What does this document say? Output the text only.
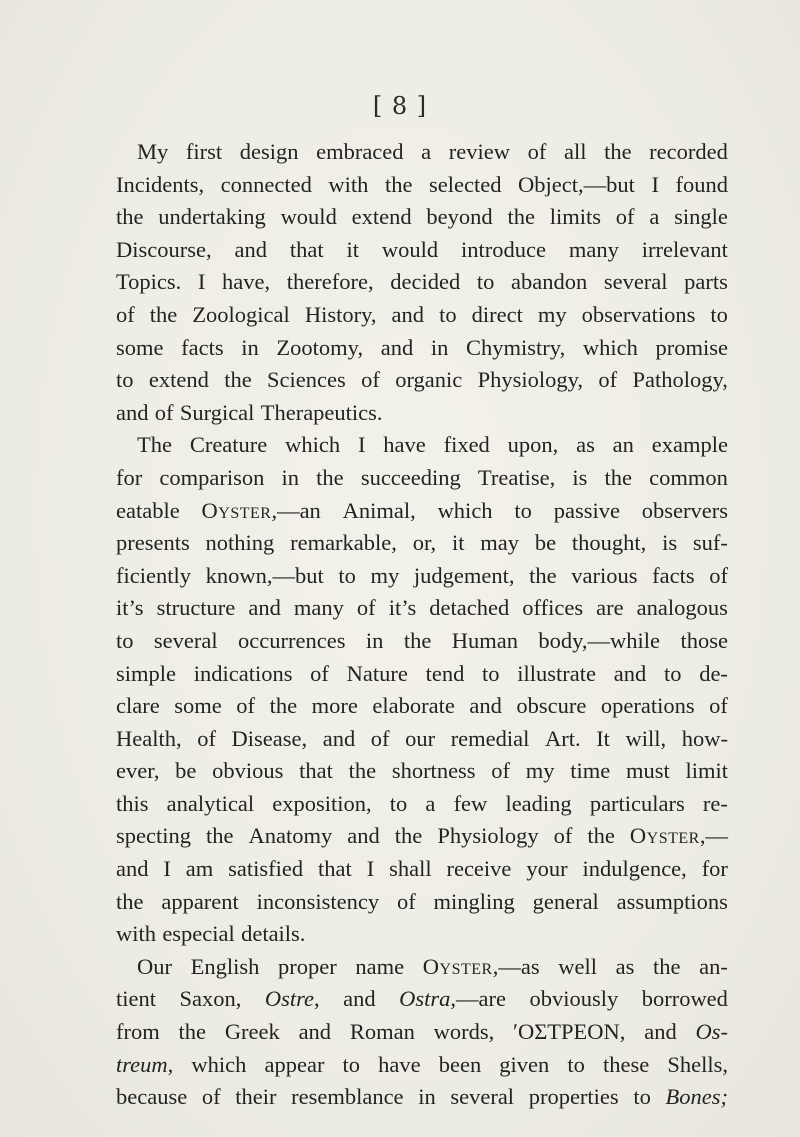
[ 8 ]
My first design embraced a review of all the recorded
Incidents, connected with the selected Object,—but I found
the undertaking would extend beyond the limits of a single
Discourse, and that it would introduce many irrelevant
Topics. I have, therefore, decided to abandon several parts
of the Zoological History, and to direct my observations to
some facts in Zootomy, and in Chymistry, which promise
to extend the Sciences of organic Physiology, of Pathology,
and of Surgical Therapeutics.
The Creature which I have fixed upon, as an example
for comparison in the succeeding Treatise, is the common
eatable Oyster,—an Animal, which to passive observers
presents nothing remarkable, or, it may be thought, is suf-
ficiently known,—but to my judgement, the various facts of
it’s structure and many of it’s detached offices are analogous
to several occurrences in the Human body,—while those
simple indications of Nature tend to illustrate and to de-
clare some of the more elaborate and obscure operations of
Health, of Disease, and of our remedial Art. It will, how-
ever, be obvious that the shortness of my time must limit
this analytical exposition, to a few leading particulars re-
specting the Anatomy and the Physiology of the Oyster,—
and I am satisfied that I shall receive your indulgence, for
the apparent inconsistency of mingling general assumptions
with especial details.
Our English proper name Oyster,—as well as the an-
tient Saxon, Ostre, and Ostra,—are obviously borrowed
from the Greek and Roman words, ʹΟΣΤΡΕΟΝ, and Os-
treum, which appear to have been given to these Shells,
because of their resemblance in several properties to Bones;
